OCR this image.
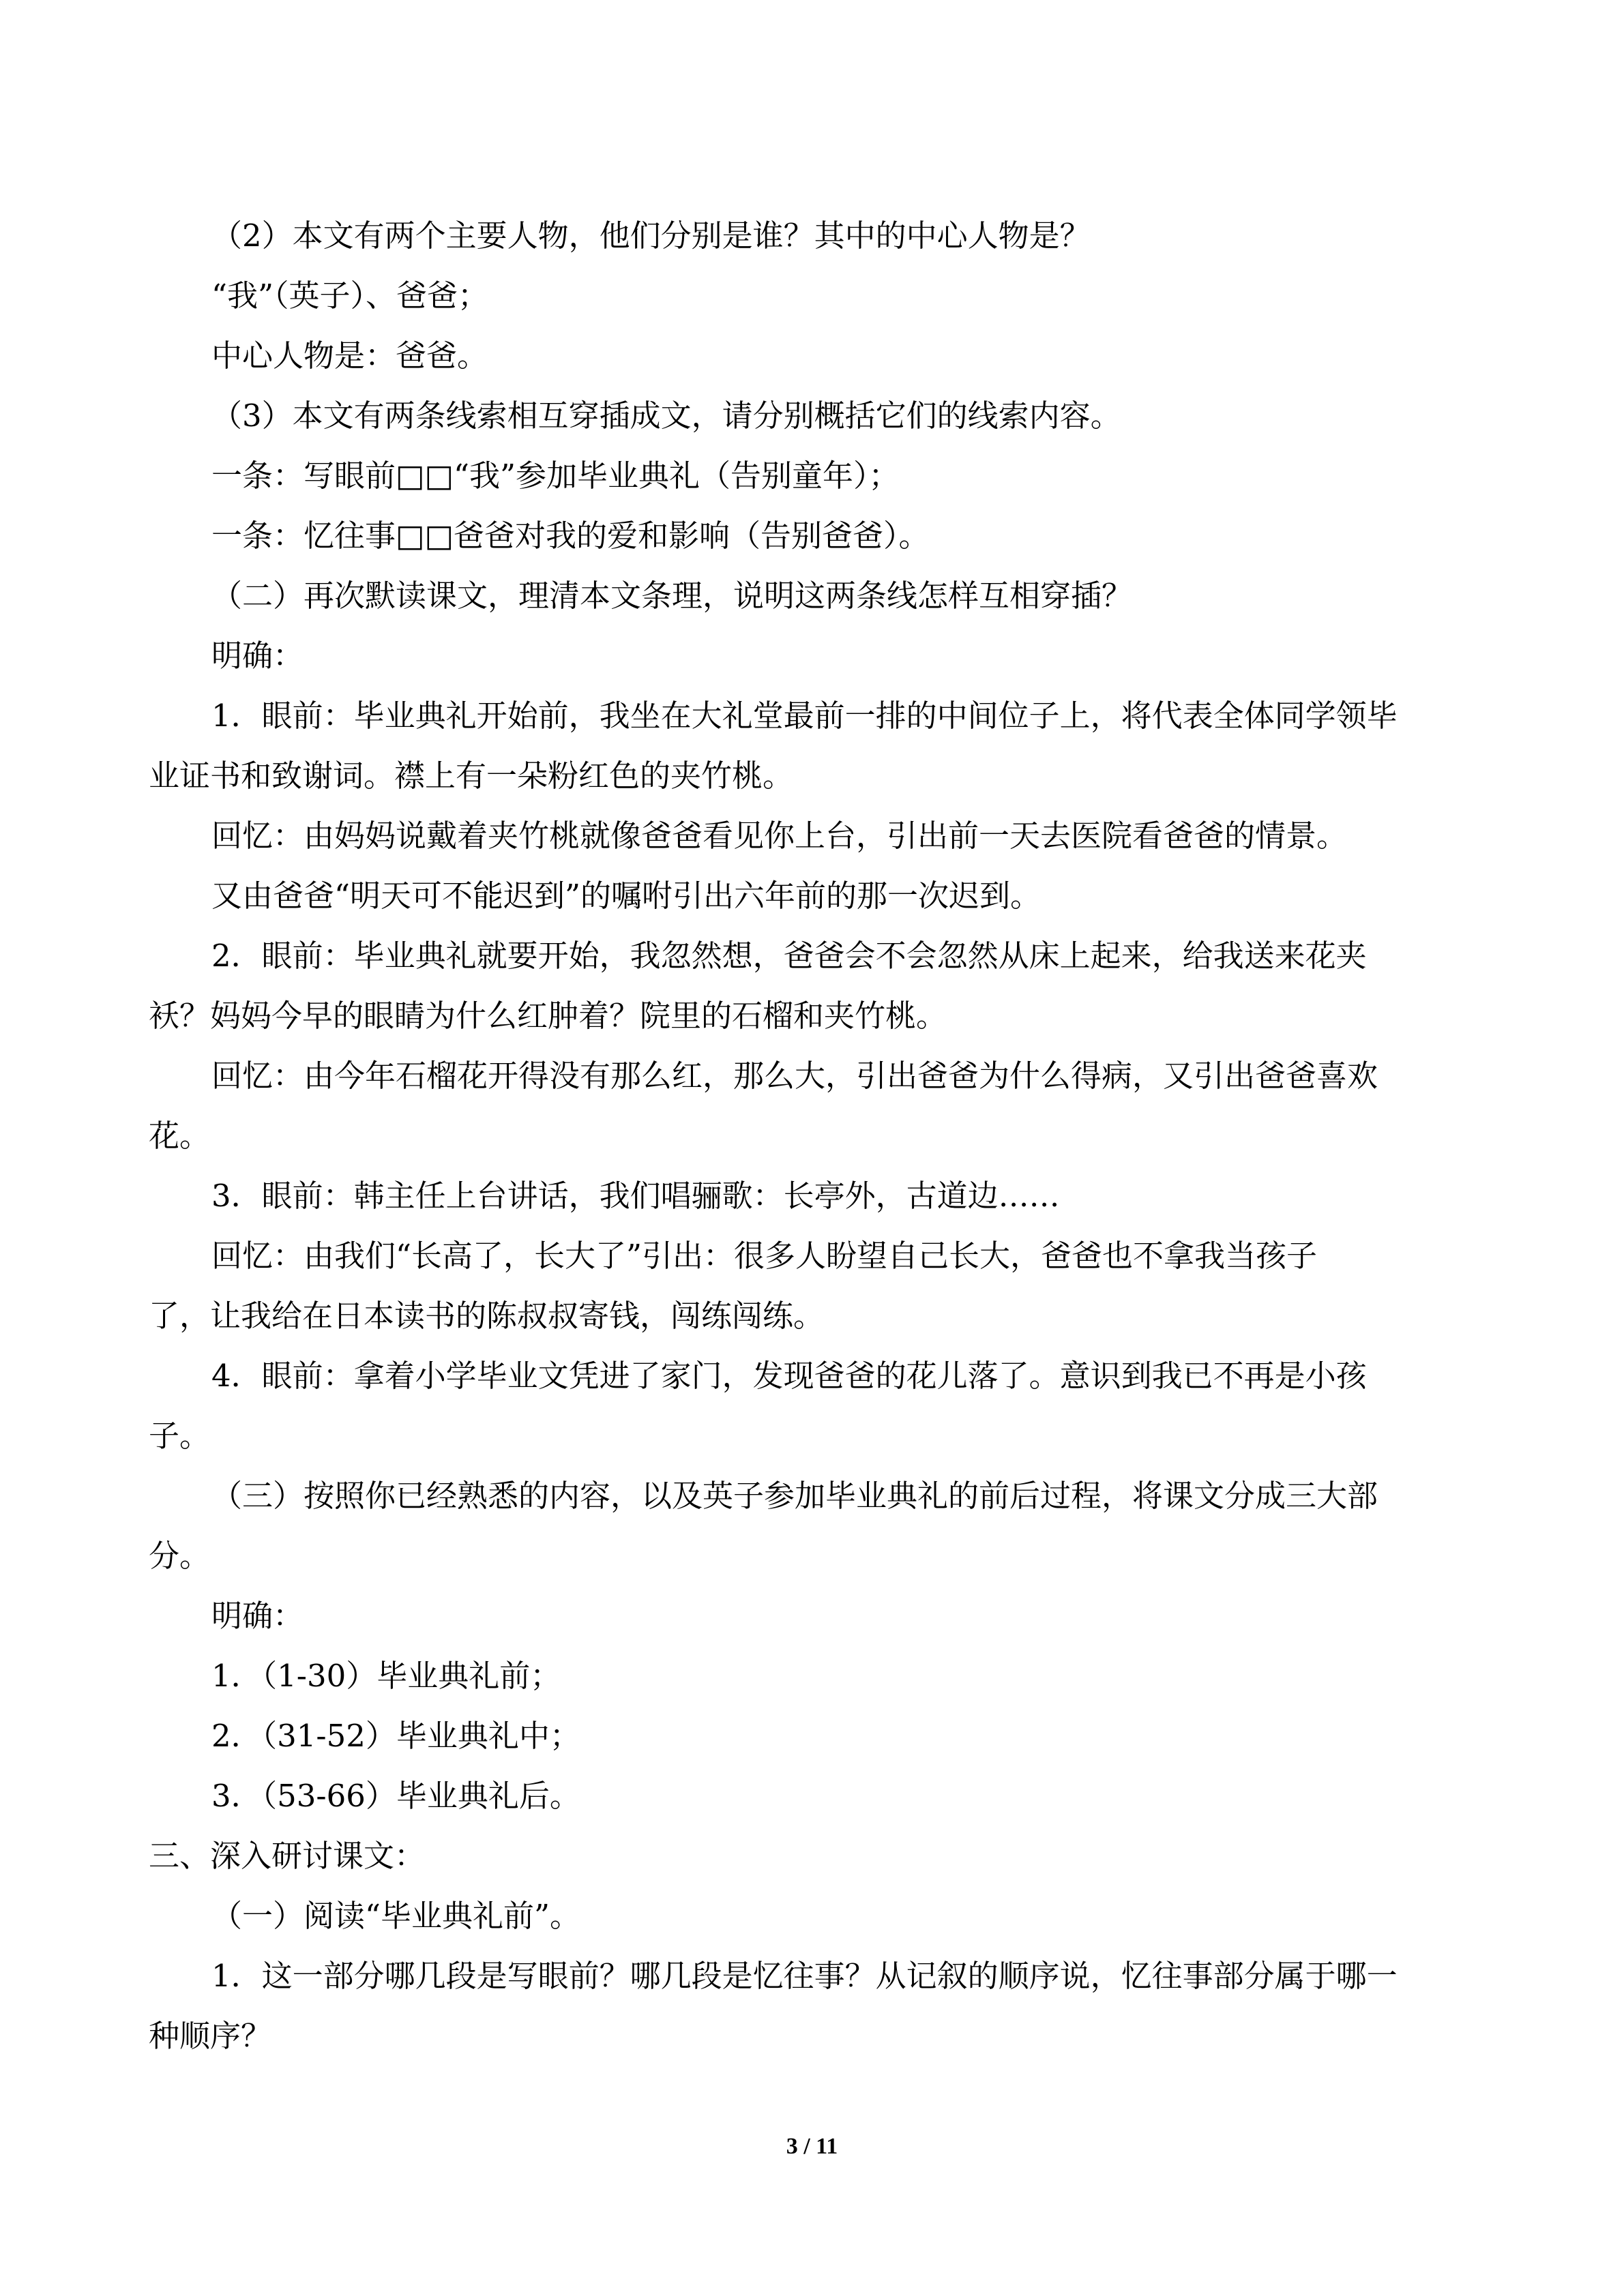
（2）本文有两个主要人物，他们分别是谁？其中的中心人物是？

“我”（英子）、爸爸；

中心人物是：爸爸。

（3）本文有两条线索相互穿插成文，请分别概括它们的线索内容。

一条：写眼前□□“我”参加毕业典礼（告别童年）；

一条：忆往事□□爸爸对我的爱和影响（告别爸爸）。

（二）再次默读课文，理清本文条理，说明这两条线怎样互相穿插？

明确：

1．眼前：毕业典礼开始前，我坐在大礼堂最前一排的中间位子上，将代表全体同学领毕

业证书和致谢词。襟上有一朵粉红色的夹竹桃。

回忆：由妈妈说戴着夹竹桃就像爸爸看见你上台，引出前一天去医院看爸爸的情景。

又由爸爸“明天可不能迟到”的嘱咐引出六年前的那一次迟到。

2．眼前：毕业典礼就要开始，我忽然想，爸爸会不会忽然从床上起来，给我送来花夹

袄？妈妈今早的眼睛为什么红肿着？院里的石榴和夹竹桃。

回忆：由今年石榴花开得没有那么红，那么大，引出爸爸为什么得病，又引出爸爸喜欢

花。

3．眼前：韩主任上台讲话，我们唱骊歌：长亭外，古道边……

回忆：由我们“长高了，长大了”引出：很多人盼望自己长大，爸爸也不拿我当孩子

了，让我给在日本读书的陈叔叔寄钱，闯练闯练。

4．眼前：拿着小学毕业文凭进了家门，发现爸爸的花儿落了。意识到我已不再是小孩

子。

（三）按照你已经熟悉的内容，以及英子参加毕业典礼的前后过程，将课文分成三大部

分。

明确：

1．（1-30）毕业典礼前；

2．（31-52）毕业典礼中；

3．（53-66）毕业典礼后。

三、深入研讨课文：

（一）阅读“毕业典礼前”。

1．这一部分哪几段是写眼前？哪几段是忆往事？从记叙的顺序说，忆往事部分属于哪一

种顺序？

3 / 11
